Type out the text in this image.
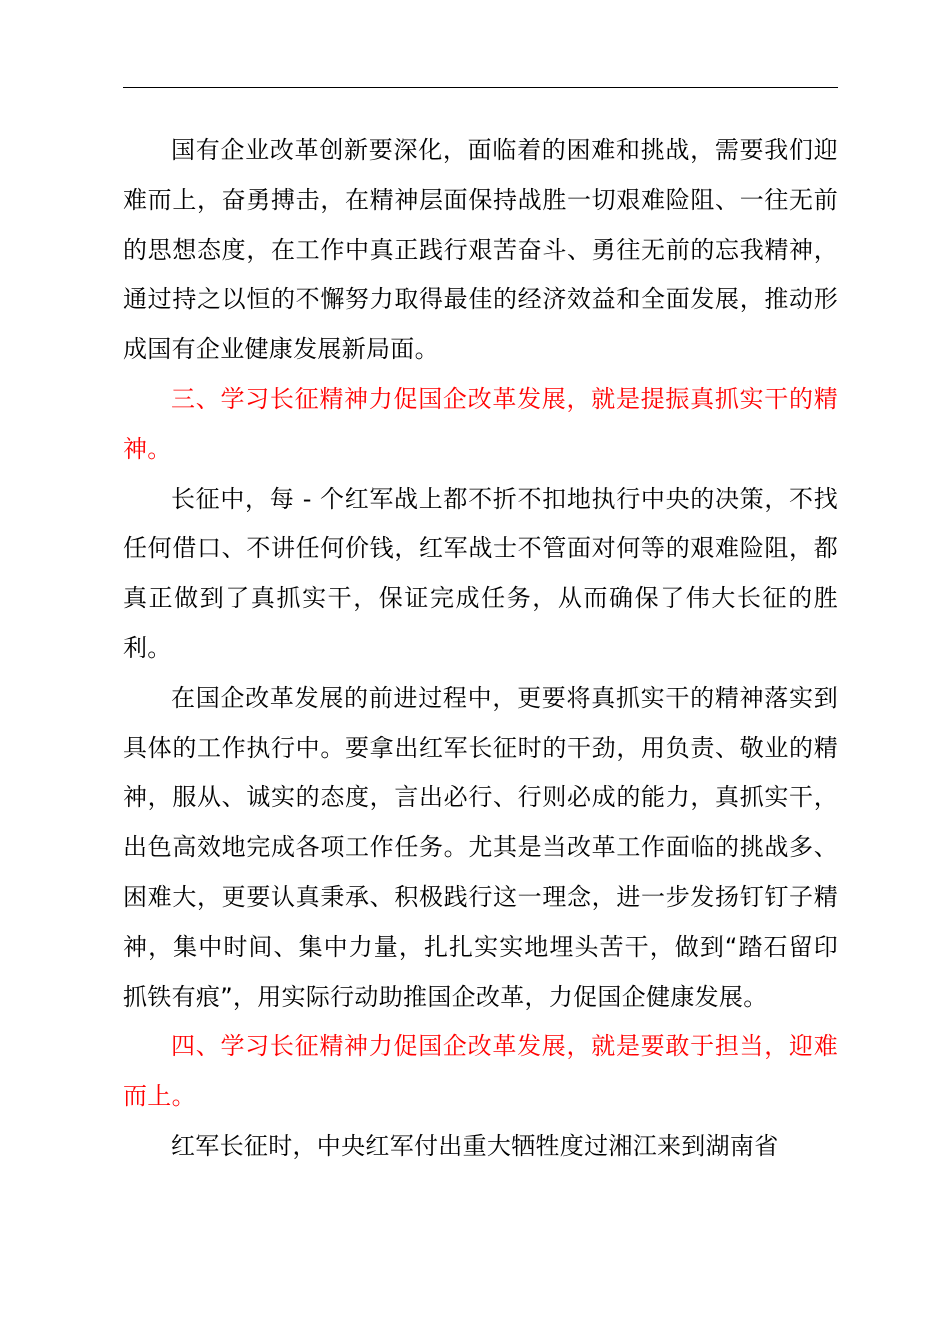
国有企业改革创新要深化，面临着的困难和挑战，需要我们迎难而上，奋勇搏击，在精神层面保持战胜一切艰难险阻、一往无前的思想态度，在工作中真正践行艰苦奋斗、勇往无前的忘我精神，通过持之以恒的不懈努力取得最佳的经济效益和全面发展，推动形成国有企业健康发展新局面。

三、学习长征精神力促国企改革发展，就是提振真抓实干的精神。

长征中，每 - 个红军战上都不折不扣地执行中央的决策，不找任何借口、不讲任何价钱，红军战士不管面对何等的艰难险阻，都真正做到了真抓实干，保证完成任务，从而确保了伟大长征的胜利。

在国企改革发展的前进过程中，更要将真抓实干的精神落实到具体的工作执行中。要拿出红军长征时的干劲，用负责、敬业的精神，服从、诚实的态度，言出必行、行则必成的能力，真抓实干，出色高效地完成各项工作任务。尤其是当改革工作面临的挑战多、困难大，更要认真秉承、积极践行这一理念，进一步发扬钉钉子精神，集中时间、集中力量，扎扎实实地埋头苦干，做到“踏石留印抓铁有痕”，用实际行动助推国企改革，力促国企健康发展。

四、学习长征精神力促国企改革发展，就是要敢于担当，迎难而上。

红军长征时，中央红军付出重大牺牲度过湘江来到湖南省
